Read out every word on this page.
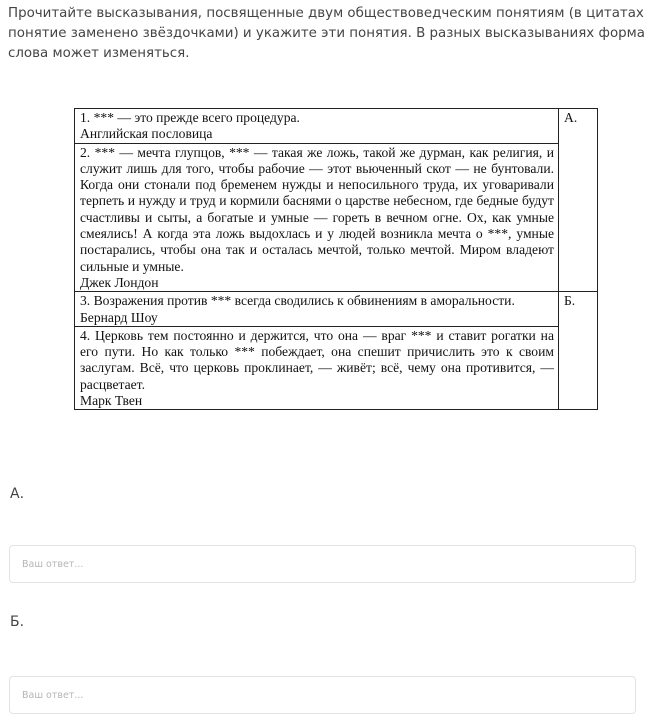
Прочитайте высказывания, посвященные двум обществоведческим понятиям (в цитатах понятие заменено звёздочками) и укажите эти понятия. В разных высказываниях форма слова может изменяться.
1. *** — это прежде всего процедура.
Английская пословица	А.

2. *** — мечта глупцов, *** — такая же ложь, такой же дурман, как религия, и служит лишь для того, чтобы рабочие — этот вьюченный скот — не бунтовали. Когда они стонали под бременем нужды и непосильного труда, их уговаривали терпеть и нужду и труд и кормили баснями о царстве небесном, где бедные будут счастливы и сыты, а богатые и умные — гореть в вечном огне. Ох, как умные смеялись! А когда эта ложь выдохлась и у людей возникла мечта о ***, умные постарались, чтобы она так и осталась мечтой, только мечтой. Миром владеют сильные и умные.
Джек Лондон	

3. Возражения против *** всегда сводились к обвинениям в аморальности.
Бернард Шоу	Б.

4. Церковь тем постоянно и держится, что она — враг *** и ставит рогатки на его пути. Но как только *** побеждает, она спешит причислить это к своим заслугам. Всё, что церковь проклинает, — живёт; всё, чему она противится, — расцветает.
Марк Твен	
А.
Ваш ответ...
Б.
Ваш ответ...
